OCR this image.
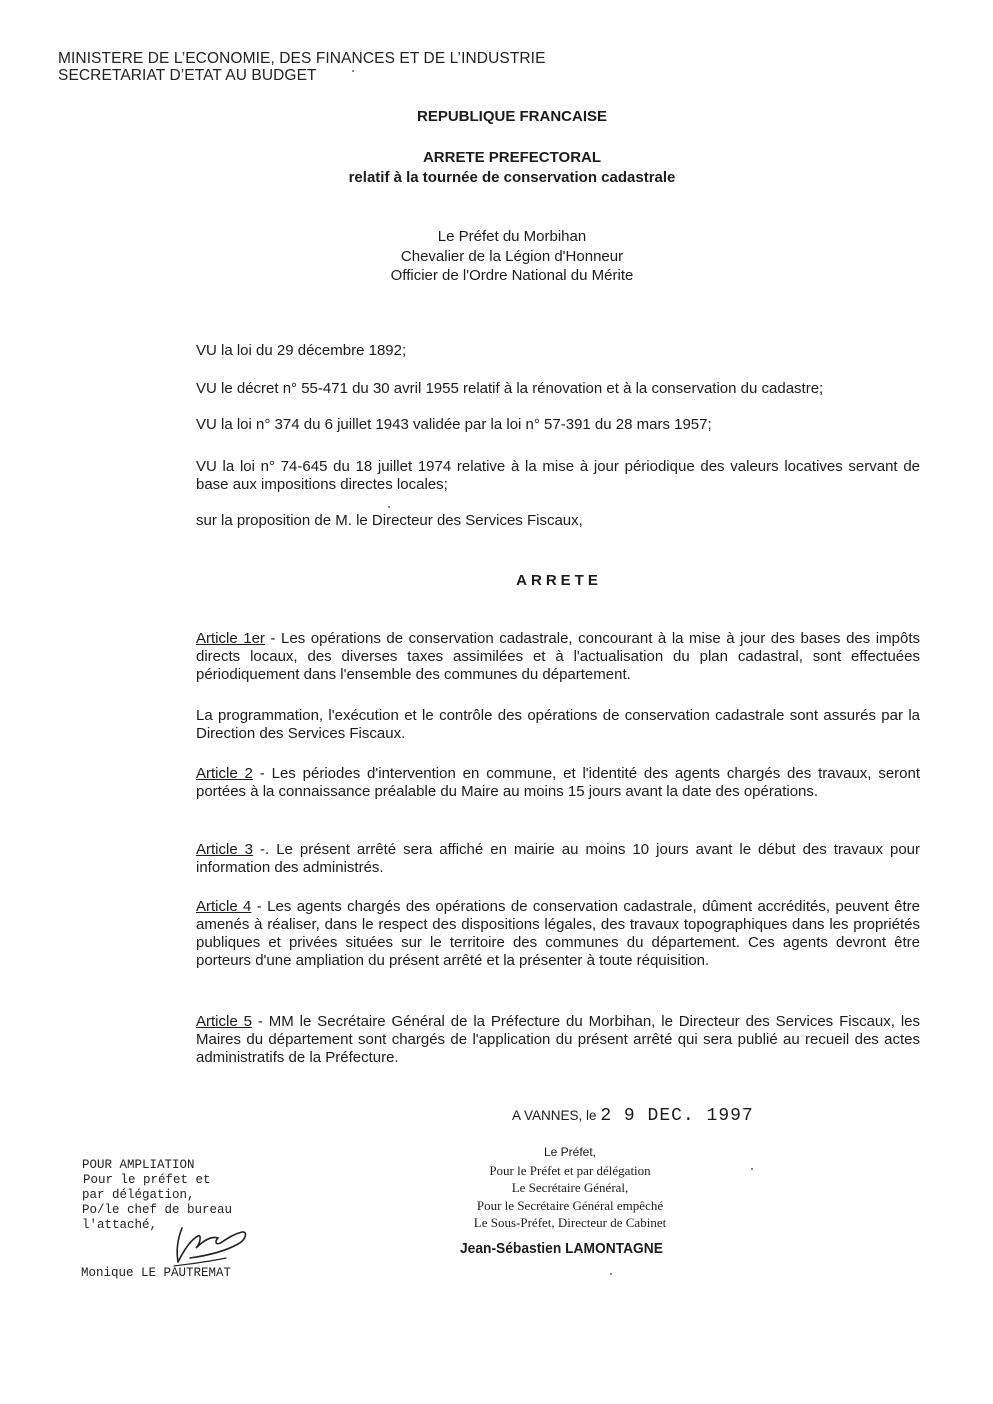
MINISTERE DE L’ECONOMIE, DES FINANCES ET DE L’INDUSTRIE
SECRETARIAT D’ETAT AU BUDGET
REPUBLIQUE FRANCAISE
ARRETE PREFECTORAL
relatif à la tournée de conservation cadastrale
Le Préfet du Morbihan
Chevalier de la Légion d'Honneur
Officier de l'Ordre National du Mérite

VU la loi du 29 décembre 1892;

VU le décret n° 55-471 du 30 avril 1955 relatif à la rénovation et à la conservation du cadastre;

VU la loi n° 374 du 6 juillet 1943 validée par la loi n° 57-391 du 28 mars 1957;

VU la loi n° 74-645 du 18 juillet 1974 relative à la mise à jour périodique des valeurs locatives servant de base aux impositions directes locales;

sur la proposition de M. le Directeur des Services Fiscaux,

ARRETE

Article 1er - Les opérations de conservation cadastrale, concourant à la mise à jour des bases des impôts directs locaux, des diverses taxes assimilées et à l'actualisation du plan cadastral, sont effectuées périodiquement dans l'ensemble des communes du département.

La programmation, l'exécution et le contrôle des opérations de conservation cadastrale sont assurés par la Direction des Services Fiscaux.

Article 2 - Les périodes d'intervention en commune, et l'identité des agents chargés des travaux, seront portées à la connaissance préalable du Maire au moins 15 jours avant la date des opérations.

Article 3 -. Le présent arrêté sera affiché en mairie au moins 10 jours avant le début des travaux pour information des administrés.

Article 4 - Les agents chargés des opérations de conservation cadastrale, dûment accrédités, peuvent être amenés à réaliser, dans le respect des dispositions légales, des travaux topographiques dans les propriétés publiques et privées situées sur le territoire des communes du département. Ces agents devront être porteurs d'une ampliation du présent arrêté et la présenter à toute réquisition.

Article 5 - MM le Secrétaire Général de la Préfecture du Morbihan, le Directeur des Services Fiscaux, les Maires du département sont chargés de l'application du présent arrêté qui sera publié au recueil des actes administratifs de la Préfecture.

A VANNES, le 2 9 DEC. 1997
Le Préfet,
Pour le Préfet et par délégation
Le Secrétaire Général,
Pour le Secrétaire Général empêché
Le Sous-Préfet, Directeur de Cabinet
Jean-Sébastien LAMONTAGNE
POUR AMPLIATION
Pour le préfet et
par délégation,
Po/le chef de bureau
l'attaché,
Monique LE PAUTREMAT
